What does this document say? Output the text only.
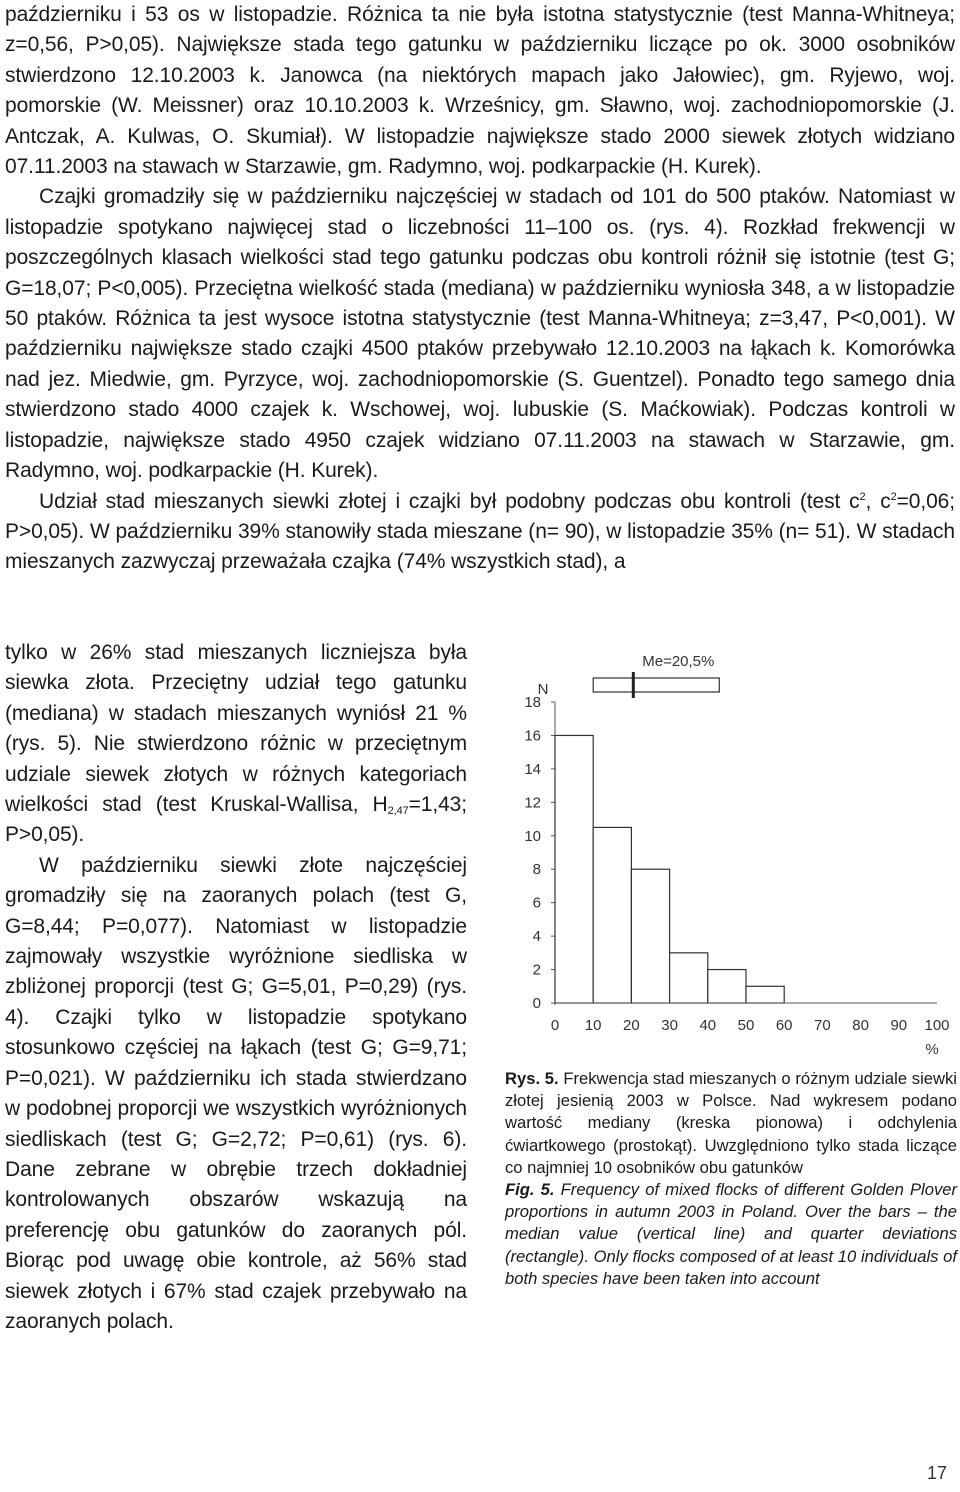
październiku i 53 os w listopadzie. Różnica ta nie była istotna statystycznie (test Manna-Whitneya; z=0,56, P>0,05). Największe stada tego gatunku w październiku liczące po ok. 3000 osobników stwierdzono 12.10.2003 k. Janowca (na niektórych mapach jako Jałowiec), gm. Ryjewo, woj. pomorskie (W. Meissner) oraz 10.10.2003 k. Wrześnicy, gm. Sławno, woj. zachodniopomorskie (J. Antczak, A. Kulwas, O. Skumiał). W listopadzie największe stado 2000 siewek złotych widziano 07.11.2003 na stawach w Starzawie, gm. Radymno, woj. podkarpackie (H. Kurek).

Czajki gromadziły się w październiku najczęściej w stadach od 101 do 500 ptaków. Natomiast w listopadzie spotykano najwięcej stad o liczebności 11–100 os. (rys. 4). Rozkład frekwencji w poszczególnych klasach wielkości stad tego gatunku podczas obu kontroli różnił się istotnie (test G; G=18,07; P<0,005). Przeciętna wielkość stada (mediana) w październiku wyniosła 348, a w listopadzie 50 ptaków. Różnica ta jest wysoce istotna statystycznie (test Manna-Whitneya; z=3,47, P<0,001). W październiku największe stado czajki 4500 ptaków przebywało 12.10.2003 na łąkach k. Komorówka nad jez. Miedwie, gm. Pyrzyce, woj. zachodniopomorskie (S. Guentzel). Ponadto tego samego dnia stwierdzono stado 4000 czajek k. Wschowej, woj. lubuskie (S. Maćkowiak). Podczas kontroli w listopadzie, największe stado 4950 czajek widziano 07.11.2003 na stawach w Starzawie, gm. Radymno, woj. podkarpackie (H. Kurek).

Udział stad mieszanych siewki złotej i czajki był podobny podczas obu kontroli (test $c^2$, $c^2=0,06$; P>0,05). W październiku 39% stanowiły stada mieszane (n= 90), w listopadzie 35% (n= 51). W stadach mieszanych zazwyczaj przeważała czajka (74% wszystkich stad), a

tylko w 26% stad mieszanych liczniejsza była siewka złota. Przeciętny udział tego gatunku (mediana) w stadach mieszanych wyniósł 21 % (rys. 5). Nie stwierdzono różnic w przeciętnym udziale siewek złotych w różnych kategoriach wielkości stad (test Kruskal-Wallisa, $H_{2,47}=1,43$; P>0,05).

W październiku siewki złote najczęściej gromadziły się na zaoranych polach (test G, G=8,44; P=0,077). Natomiast w listopadzie zajmowały wszystkie wyróżnione siedliska w zbliżonej proporcji (test G; G=5,01, P=0,29) (rys. 4). Czajki tylko w listopadzie spotykano stosunkowo częściej na łąkach (test G; G=9,71; P=0,021). W październiku ich stada stwierdzano w podobnej proporcji we wszystkich wyróżnionych siedliskach (test G; G=2,72; P=0,61) (rys. 6). Dane zebrane w obrębie trzech dokładniej kontrolowanych obszarów wskazują na preferencję obu gatunków do zaoranych pól. Biorąc pod uwagę obie kontrole, aż 56% stad siewek złotych i 67% stad czajek przebywało na zaoranych polach.

0
2
4
6
8
10
12
14
16
18
N
0 10 20 30 40 50 60 70 80 90 100
%
Me=20,5%

Rys. 5. Frekwencja stad mieszanych o różnym udziale siewki złotej jesienią 2003 w Polsce. Nad wykresem podano wartość mediany (kreska pionowa) i odchylenia ćwiartkowego (prostokąt). Uwzględniono tylko stada liczące co najmniej 10 osobników obu gatunków

Fig. 5. Frequency of mixed flocks of different Golden Plover proportions in autumn 2003 in Poland. Over the bars – the median value (vertical line) and quarter deviations (rectangle). Only flocks composed of at least 10 individuals of both species have been taken into account

17
